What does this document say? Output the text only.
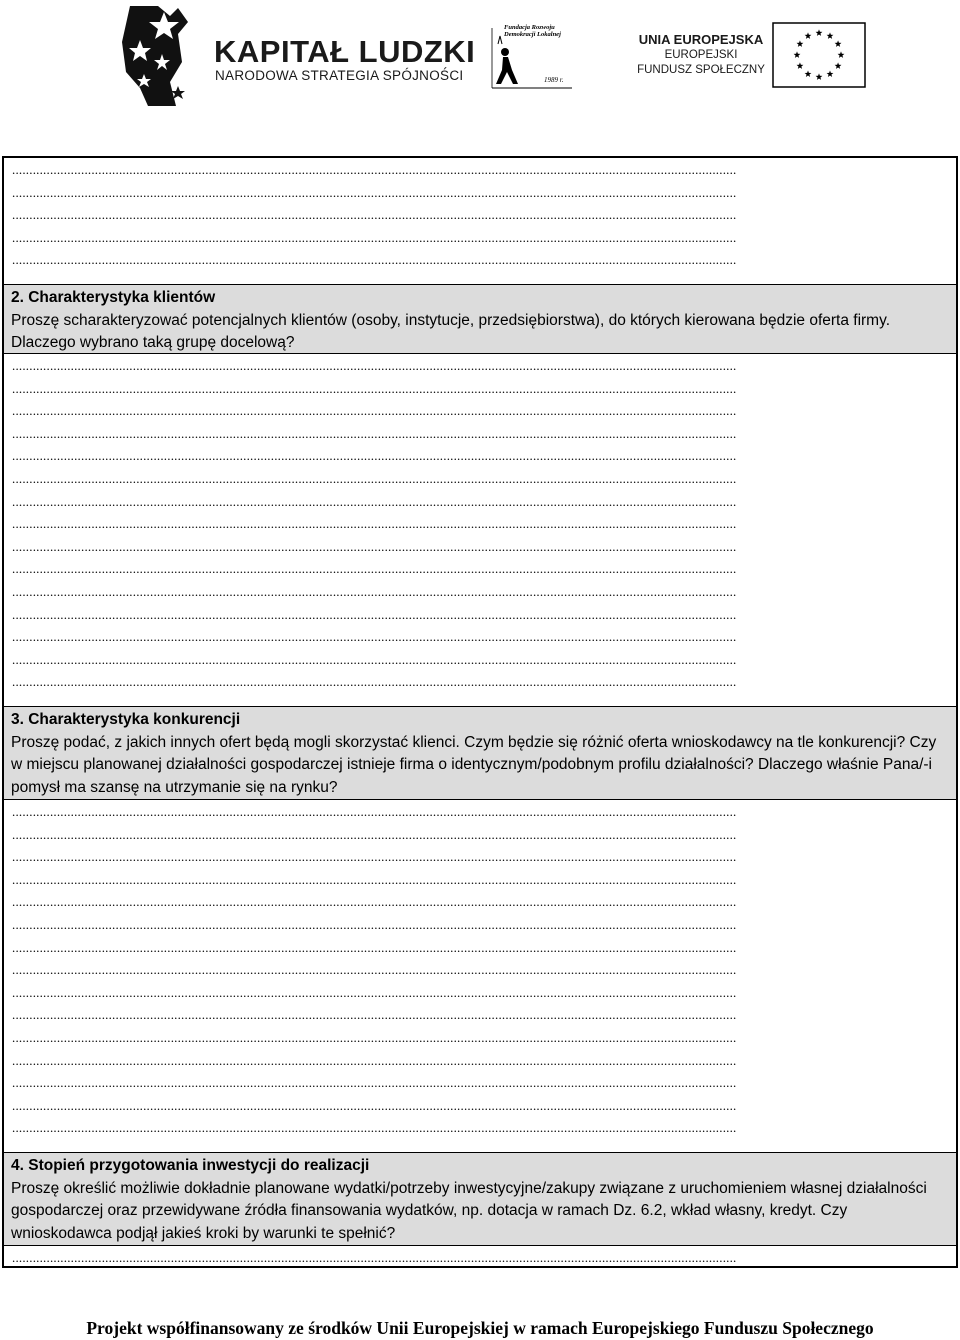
KAPITAŁ LUDZKI
NARODOWA STRATEGIA SPÓJNOŚCI
Fundacja Rozwoju Demokracji Lokalnej
1989 r.
UNIA EUROPEJSKA
EUROPEJSKI
FUNDUSZ SPOŁECZNY
..................................................................................................................................................................................................................
..................................................................................................................................................................................................................
..................................................................................................................................................................................................................
..................................................................................................................................................................................................................
..................................................................................................................................................................................................................
2. Charakterystyka klientów
Proszę scharakteryzować potencjalnych klientów (osoby, instytucje, przedsiębiorstwa), do których kierowana będzie oferta firmy. Dlaczego wybrano taką grupę docelową?
..................................................................................................................................................................................................................
..................................................................................................................................................................................................................
..................................................................................................................................................................................................................
..................................................................................................................................................................................................................
..................................................................................................................................................................................................................
..................................................................................................................................................................................................................
..................................................................................................................................................................................................................
..................................................................................................................................................................................................................
..................................................................................................................................................................................................................
..................................................................................................................................................................................................................
..................................................................................................................................................................................................................
..................................................................................................................................................................................................................
..................................................................................................................................................................................................................
..................................................................................................................................................................................................................
..................................................................................................................................................................................................................
3. Charakterystyka konkurencji
Proszę podać, z jakich innych ofert będą mogli skorzystać klienci. Czym będzie się różnić oferta wnioskodawcy na tle konkurencji? Czy w miejscu planowanej działalności gospodarczej istnieje firma o identycznym/podobnym profilu działalności? Dlaczego właśnie Pana/-i pomysł ma szansę na utrzymanie się na rynku?
..................................................................................................................................................................................................................
..................................................................................................................................................................................................................
..................................................................................................................................................................................................................
..................................................................................................................................................................................................................
..................................................................................................................................................................................................................
..................................................................................................................................................................................................................
..................................................................................................................................................................................................................
..................................................................................................................................................................................................................
..................................................................................................................................................................................................................
..................................................................................................................................................................................................................
..................................................................................................................................................................................................................
..................................................................................................................................................................................................................
..................................................................................................................................................................................................................
..................................................................................................................................................................................................................
..................................................................................................................................................................................................................
4. Stopień przygotowania inwestycji do realizacji
Proszę określić możliwie dokładnie planowane wydatki/potrzeby inwestycyjne/zakupy związane z uruchomieniem własnej działalności gospodarczej oraz przewidywane źródła finansowania wydatków, np. dotacja w ramach Dz. 6.2, wkład własny, kredyt. Czy wnioskodawca podjął jakieś kroki by warunki te spełnić?
..................................................................................................................................................................................................................
Projekt współfinansowany ze środków Unii Europejskiej w ramach Europejskiego Funduszu Społecznego
